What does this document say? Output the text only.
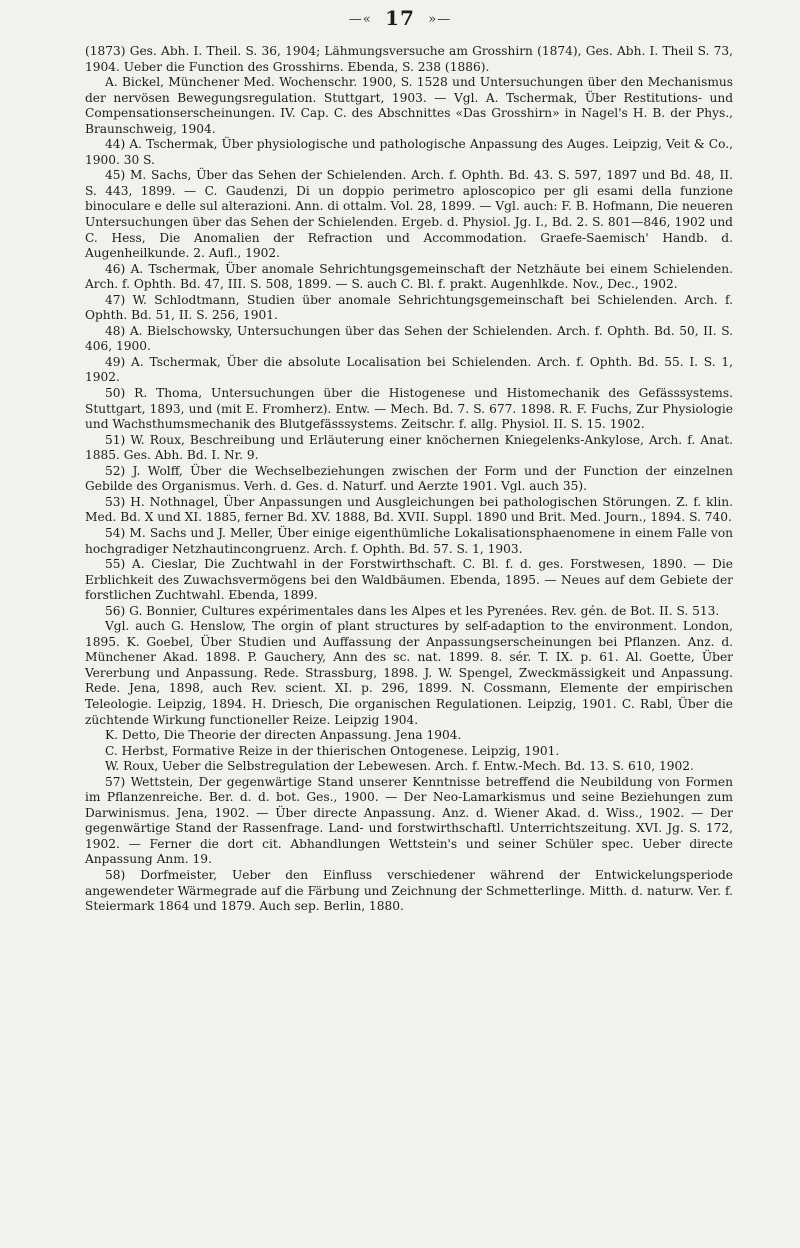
—« 17 »—

(1873) Ges. Abh. I. Theil. S. 36, 1904; Lähmungsversuche am Grosshirn (1874), Ges. Abh. I. Theil S. 73, 1904. Ueber die Function des Grosshirns. Ebenda, S. 238 (1886).

A. Bickel, Münchener Med. Wochenschr. 1900, S. 1528 und Untersuchungen über den Mechanismus der nervösen Bewegungsregulation. Stuttgart, 1903. — Vgl. A. Tschermak, Über Restitutions- und Compensationserscheinungen. IV. Cap. C. des Abschnittes «Das Grosshirn» in Nagel's H. B. der Phys., Braunschweig, 1904.

44) A. Tschermak, Über physiologische und pathologische Anpassung des Auges. Leipzig, Veit & Co., 1900. 30 S.

45) M. Sachs, Über das Sehen der Schielenden. Arch. f. Ophth. Bd. 43. S. 597, 1897 und Bd. 48, II. S. 443, 1899. — C. Gaudenzi, Di un doppio perimetro aploscopico per gli esami della funzione binoculare e delle sul alterazioni. Ann. di ottalm. Vol. 28, 1899. — Vgl. auch: F. B. Hofmann, Die neueren Untersuchungen über das Sehen der Schielenden. Ergeb. d. Physiol. Jg. I., Bd. 2. S. 801—846, 1902 und C. Hess, Die Anomalien der Refraction und Accommodation. Graefe-Saemisch' Handb. d. Augenheilkunde. 2. Aufl., 1902.

46) A. Tschermak, Über anomale Sehrichtungsgemeinschaft der Netzhäute bei einem Schielenden. Arch. f. Ophth. Bd. 47, III. S. 508, 1899. — S. auch C. Bl. f. prakt. Augenhlkde. Nov., Dec., 1902.

47) W. Schlodtmann, Studien über anomale Sehrichtungsgemeinschaft bei Schielenden. Arch. f. Ophth. Bd. 51, II. S. 256, 1901.

48) A. Bielschowsky, Untersuchungen über das Sehen der Schielenden. Arch. f. Ophth. Bd. 50, II. S. 406, 1900.

49) A. Tschermak, Über die absolute Localisation bei Schielenden. Arch. f. Ophth. Bd. 55. I. S. 1, 1902.

50) R. Thoma, Untersuchungen über die Histogenese und Histomechanik des Gefässsystems. Stuttgart, 1893, und (mit E. Fromherz). Entw. — Mech. Bd. 7. S. 677. 1898. R. F. Fuchs, Zur Physiologie und Wachsthumsmechanik des Blutgefässsystems. Zeitschr. f. allg. Physiol. II. S. 15. 1902.

51) W. Roux, Beschreibung und Erläuterung einer knöchernen Kniegelenks-Ankylose, Arch. f. Anat. 1885. Ges. Abh. Bd. I. Nr. 9.

52) J. Wolff, Über die Wechselbeziehungen zwischen der Form und der Function der einzelnen Gebilde des Organismus. Verh. d. Ges. d. Naturf. und Aerzte 1901. Vgl. auch 35).

53) H. Nothnagel, Über Anpassungen und Ausgleichungen bei pathologischen Störungen. Z. f. klin. Med. Bd. X und XI. 1885, ferner Bd. XV. 1888, Bd. XVII. Suppl. 1890 und Brit. Med. Journ., 1894. S. 740.

54) M. Sachs und J. Meller, Über einige eigenthümliche Lokalisationsphaenomene in einem Falle von hochgradiger Netzhautincongruenz. Arch. f. Ophth. Bd. 57. S. 1, 1903.

55) A. Cieslar, Die Zuchtwahl in der Forstwirthschaft. C. Bl. f. d. ges. Forstwesen, 1890. — Die Erblichkeit des Zuwachsvermögens bei den Waldbäumen. Ebenda, 1895. — Neues auf dem Gebiete der forstlichen Zuchtwahl. Ebenda, 1899.

56) G. Bonnier, Cultures expérimentales dans les Alpes et les Pyrenées. Rev. gén. de Bot. II. S. 513.

Vgl. auch G. Henslow, The orgin of plant structures by self-adaption to the environment. London, 1895. K. Goebel, Über Studien und Auffassung der Anpassungserscheinungen bei Pflanzen. Anz. d. Münchener Akad. 1898. P. Gauchery, Ann des sc. nat. 1899. 8. sér. T. IX. p. 61. Al. Goette, Über Vererbung und Anpassung. Rede. Strassburg, 1898. J. W. Spengel, Zweckmässigkeit und Anpassung. Rede. Jena, 1898, auch Rev. scient. XI. p. 296, 1899. N. Cossmann, Elemente der empirischen Teleologie. Leipzig, 1894. H. Driesch, Die organischen Regulationen. Leipzig, 1901. C. Rabl, Über die züchtende Wirkung functioneller Reize. Leipzig 1904.

K. Detto, Die Theorie der directen Anpassung. Jena 1904.

C. Herbst, Formative Reize in der thierischen Ontogenese. Leipzig, 1901.

W. Roux, Ueber die Selbstregulation der Lebewesen. Arch. f. Entw.-Mech. Bd. 13. S. 610, 1902.

57) Wettstein, Der gegenwärtige Stand unserer Kenntnisse betreffend die Neubildung von Formen im Pflanzenreiche. Ber. d. d. bot. Ges., 1900. — Der Neo-Lamarkismus und seine Beziehungen zum Darwinismus. Jena, 1902. — Über directe Anpassung. Anz. d. Wiener Akad. d. Wiss., 1902. — Der gegenwärtige Stand der Rassenfrage. Land- und forstwirthschaftl. Unterrichtszeitung. XVI. Jg. S. 172, 1902. — Ferner die dort cit. Abhandlungen Wettstein's und seiner Schüler spec. Ueber directe Anpassung Anm. 19.

58) Dorfmeister, Ueber den Einfluss verschiedener während der Entwickelungsperiode angewendeter Wärmegrade auf die Färbung und Zeichnung der Schmetterlinge. Mitth. d. naturw. Ver. f. Steiermark 1864 und 1879. Auch sep. Berlin, 1880.
